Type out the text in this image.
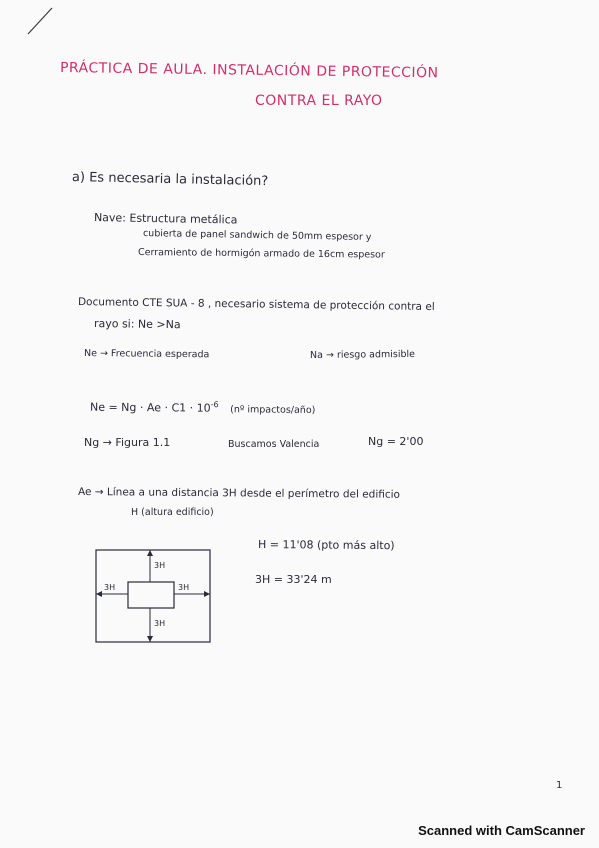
PRÁCTICA DE AULA. INSTALACIÓN DE PROTECCIÓN
CONTRA EL RAYO
a) Es necesaria la instalación?
Nave: Estructura metálica
cubierta de panel sandwich de 50mm espesor y
Cerramiento de hormigón armado de 16cm espesor
Documento CTE SUA - 8 , necesario sistema de protección contra el
rayo si: Ne >Na
Ne → Frecuencia esperada	Na → riesgo admisible
$Ne = Ng \cdot Ae \cdot C1 \cdot 10^{-6}$ (nº impactos/año)
Ng → Figura 1.1	Buscamos Valencia	Ng = 2'00
Ae → Línea a una distancia 3H desde el perímetro del edificio
H (altura edificio)
H = 11'08 (pto más alto)
3H = 33'24 m
3H
3H	3H
3H
1
Scanned with CamScanner
